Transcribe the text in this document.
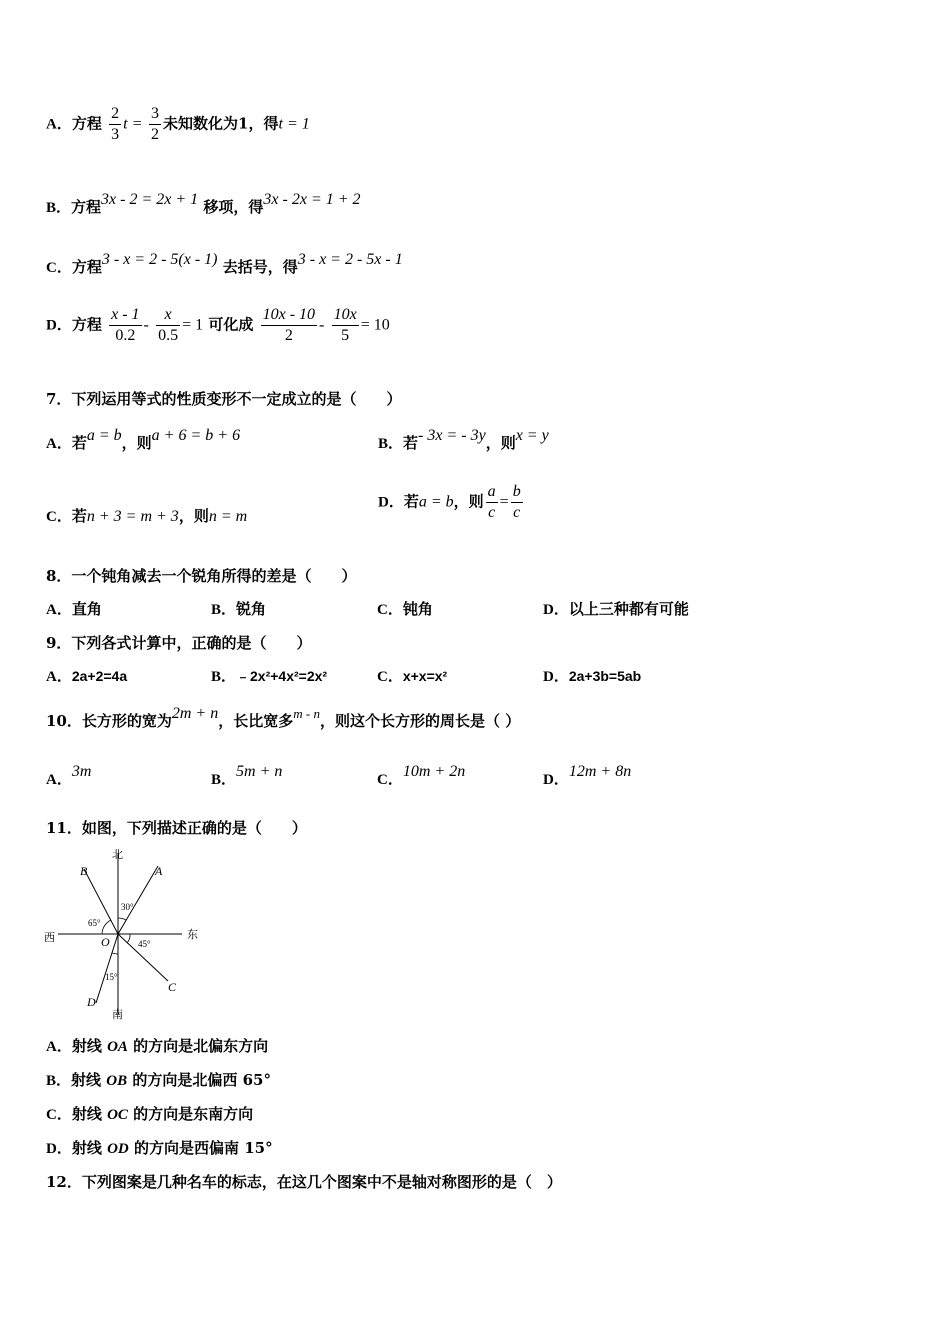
A．方程 $\frac{2}{3}$ $t = \frac{3}{2}$ 未知数化为1，得t = 1
B．方程3x - 2 = 2x + 1 移项，得3x - 2x = 1 + 2
C．方程3 - x = 2 - 5(x - 1) 去括号，得3 - x = 2 - 5x - 1
D．方程 $\frac{x - 1}{0.2} - \frac{x}{0.5} = 1$ 可化成 $\frac{10x - 10}{2} - \frac{10x}{5} = 10$
7．下列运用等式的性质变形不一定成立的是（　　）
A．若a = b，则a + 6 = b + 6	B．若- 3x = - 3y，则x = y
C．若n + 3 = m + 3，则n = m
D．若a = b，则 $\frac{a}{c} = \frac{b}{c}$
8．一个钝角减去一个锐角所得的差是（　　）
A．直角	B．锐角	C．钝角	D．以上三种都有可能
9．下列各式计算中，正确的是（　　）
A．2a+2=4a	B．﹣2x²+4x²=2x²	C．x+x=x²	D．2a+3b=5ab
10．长方形的宽为2m + n，长比宽多m - n，则这个长方形的周长是（ ）
A．3m	B．5m + n	C．10m + 2n	D．12m + 8n
11．如图，下列描述正确的是（　　）
北
南
东
西	O
A
B
C
D
30°
65°
45°
15°
A．射线 OA 的方向是北偏东方向
B．射线 OB 的方向是北偏西 65°
C．射线 OC 的方向是东南方向
D．射线 OD 的方向是西偏南 15°
12．下列图案是几种名车的标志，在这几个图案中不是轴对称图形的是（　）
